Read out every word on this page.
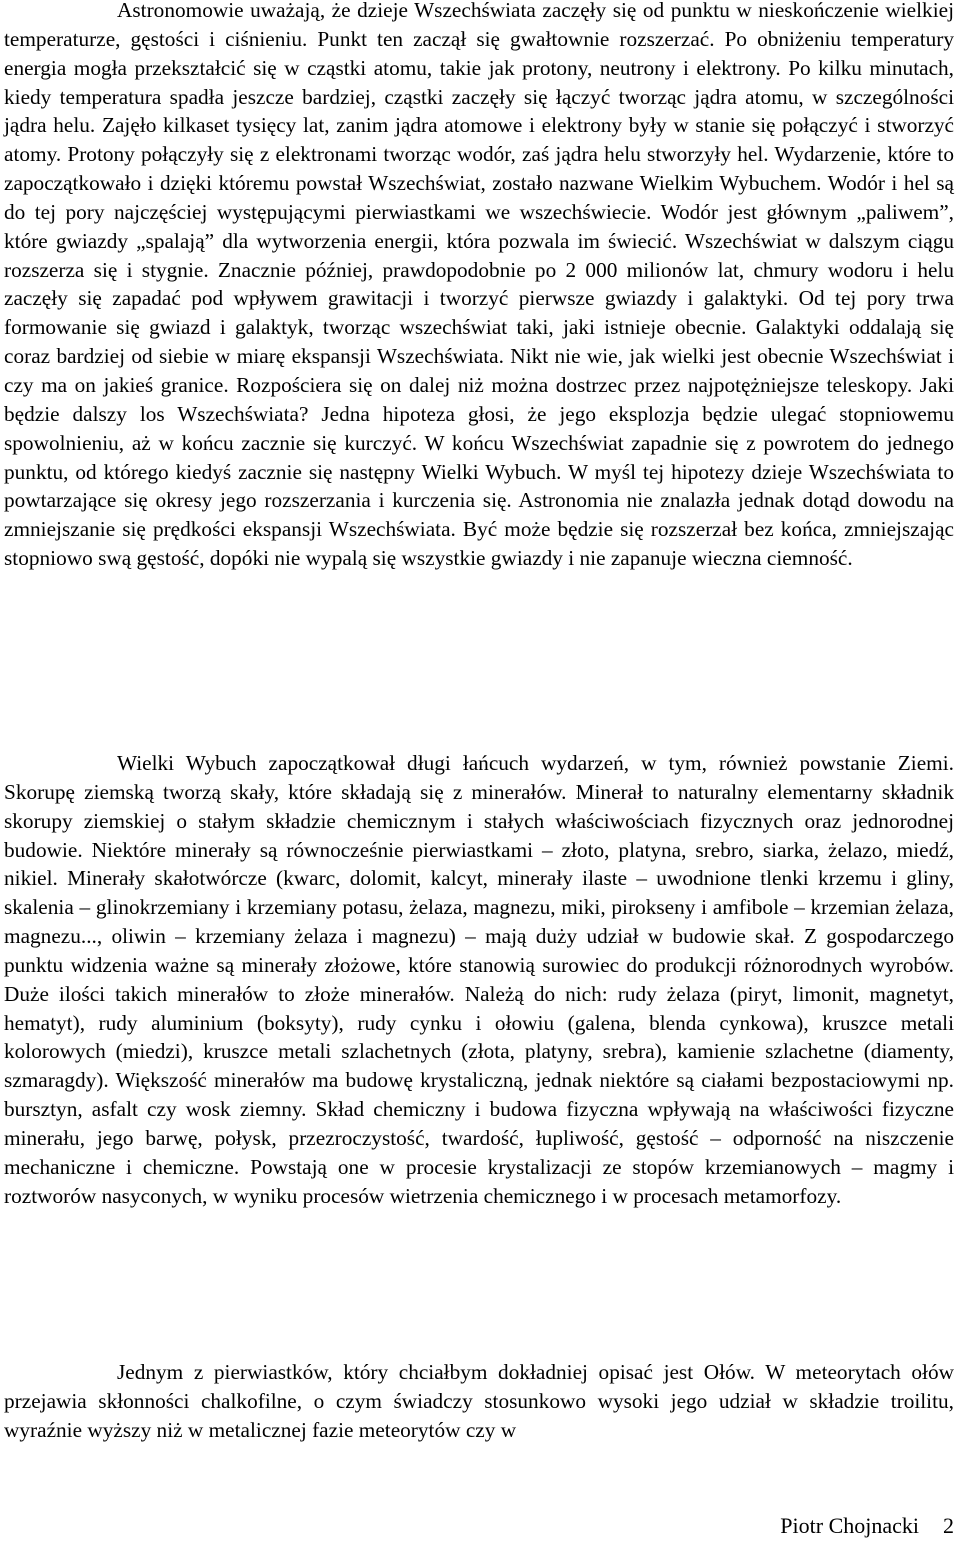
Astronomowie uważają, że dzieje Wszechświata zaczęły się od punktu w nieskończenie wielkiej temperaturze, gęstości i ciśnieniu. Punkt ten zaczął się gwałtownie rozszerzać. Po obniżeniu temperatury energia mogła przekształcić się w cząstki atomu, takie jak protony, neutrony i elektrony. Po kilku minutach, kiedy temperatura spadła jeszcze bardziej, cząstki zaczęły się łączyć tworząc jądra atomu, w szczególności jądra helu. Zajęło kilkaset tysięcy lat, zanim jądra atomowe i elektrony były w stanie się połączyć i stworzyć atomy. Protony połączyły się z elektronami tworząc wodór, zaś jądra helu stworzyły hel. Wydarzenie, które to zapoczątkowało i dzięki któremu powstał Wszechświat, zostało nazwane Wielkim Wybuchem. Wodór i hel są do tej pory najczęściej występującymi pierwiastkami we wszechświecie. Wodór jest głównym „paliwem”, które gwiazdy „spalają” dla wytworzenia energii, która pozwala im świecić. Wszechświat w dalszym ciągu rozszerza się i stygnie. Znacznie później, prawdopodobnie po 2 000 milionów lat, chmury wodoru i helu zaczęły się zapadać pod wpływem grawitacji i tworzyć pierwsze gwiazdy i galaktyki. Od tej pory trwa formowanie się gwiazd i galaktyk, tworząc wszechświat taki, jaki istnieje obecnie. Galaktyki oddalają się coraz bardziej od siebie w miarę ekspansji Wszechświata. Nikt nie wie, jak wielki jest obecnie Wszechświat i czy ma on jakieś granice. Rozpościera się on dalej niż można dostrzec przez najpotężniejsze teleskopy. Jaki będzie dalszy los Wszechświata? Jedna hipoteza głosi, że jego eksplozja będzie ulegać stopniowemu spowolnieniu, aż w końcu zacznie się kurczyć. W końcu Wszechświat zapadnie się z powrotem do jednego punktu, od którego kiedyś zacznie się następny Wielki Wybuch. W myśl tej hipotezy dzieje Wszechświata to powtarzające się okresy jego rozszerzania i kurczenia się. Astronomia nie znalazła jednak dotąd dowodu na zmniejszanie się prędkości ekspansji Wszechświata. Być może będzie się rozszerzał bez końca, zmniejszając stopniowo swą gęstość, dopóki nie wypalą się wszystkie gwiazdy i nie zapanuje wieczna ciemność.

Wielki Wybuch zapoczątkował długi łańcuch wydarzeń, w tym, również powstanie Ziemi. Skorupę ziemską tworzą skały, które składają się z minerałów. Minerał to naturalny elementarny składnik skorupy ziemskiej o stałym składzie chemicznym i stałych właściwościach fizycznych oraz jednorodnej budowie. Niektóre minerały są równocześnie pierwiastkami – złoto, platyna, srebro, siarka, żelazo, miedź, nikiel. Minerały skałotwórcze (kwarc, dolomit, kalcyt, minerały ilaste – uwodnione tlenki krzemu i gliny, skalenia – glinokrzemiany i krzemiany potasu, żelaza, magnezu, miki, pirokseny i amfibole – krzemian żelaza, magnezu..., oliwin – krzemiany żelaza i magnezu) – mają duży udział w budowie skał. Z gospodarczego punktu widzenia ważne są minerały złożowe, które stanowią surowiec do produkcji różnorodnych wyrobów. Duże ilości takich minerałów to złoże minerałów. Należą do nich: rudy żelaza (piryt, limonit, magnetyt, hematyt), rudy aluminium (boksyty), rudy cynku i ołowiu (galena, blenda cynkowa), kruszce metali kolorowych (miedzi), kruszce metali szlachetnych (złota, platyny, srebra), kamienie szlachetne (diamenty, szmaragdy). Większość minerałów ma budowę krystaliczną, jednak niektóre są ciałami bezpostaciowymi np. bursztyn, asfalt czy wosk ziemny. Skład chemiczny i budowa fizyczna wpływają na właściwości fizyczne minerału, jego barwę, połysk, przezroczystość, twardość, łupliwość, gęstość – odporność na niszczenie mechaniczne i chemiczne. Powstają one w procesie krystalizacji ze stopów krzemianowych – magmy i roztworów nasyconych, w wyniku procesów wietrzenia chemicznego i w procesach metamorfozy.

Jednym z pierwiastków, który chciałbym dokładniej opisać jest Ołów. W meteorytach ołów przejawia skłonności chalkofilne, o czym świadczy stosunkowo wysoki jego udział w składzie troilitu, wyraźnie wyższy niż w metalicznej fazie meteorytów czy w

Piotr Chojnacki 2
